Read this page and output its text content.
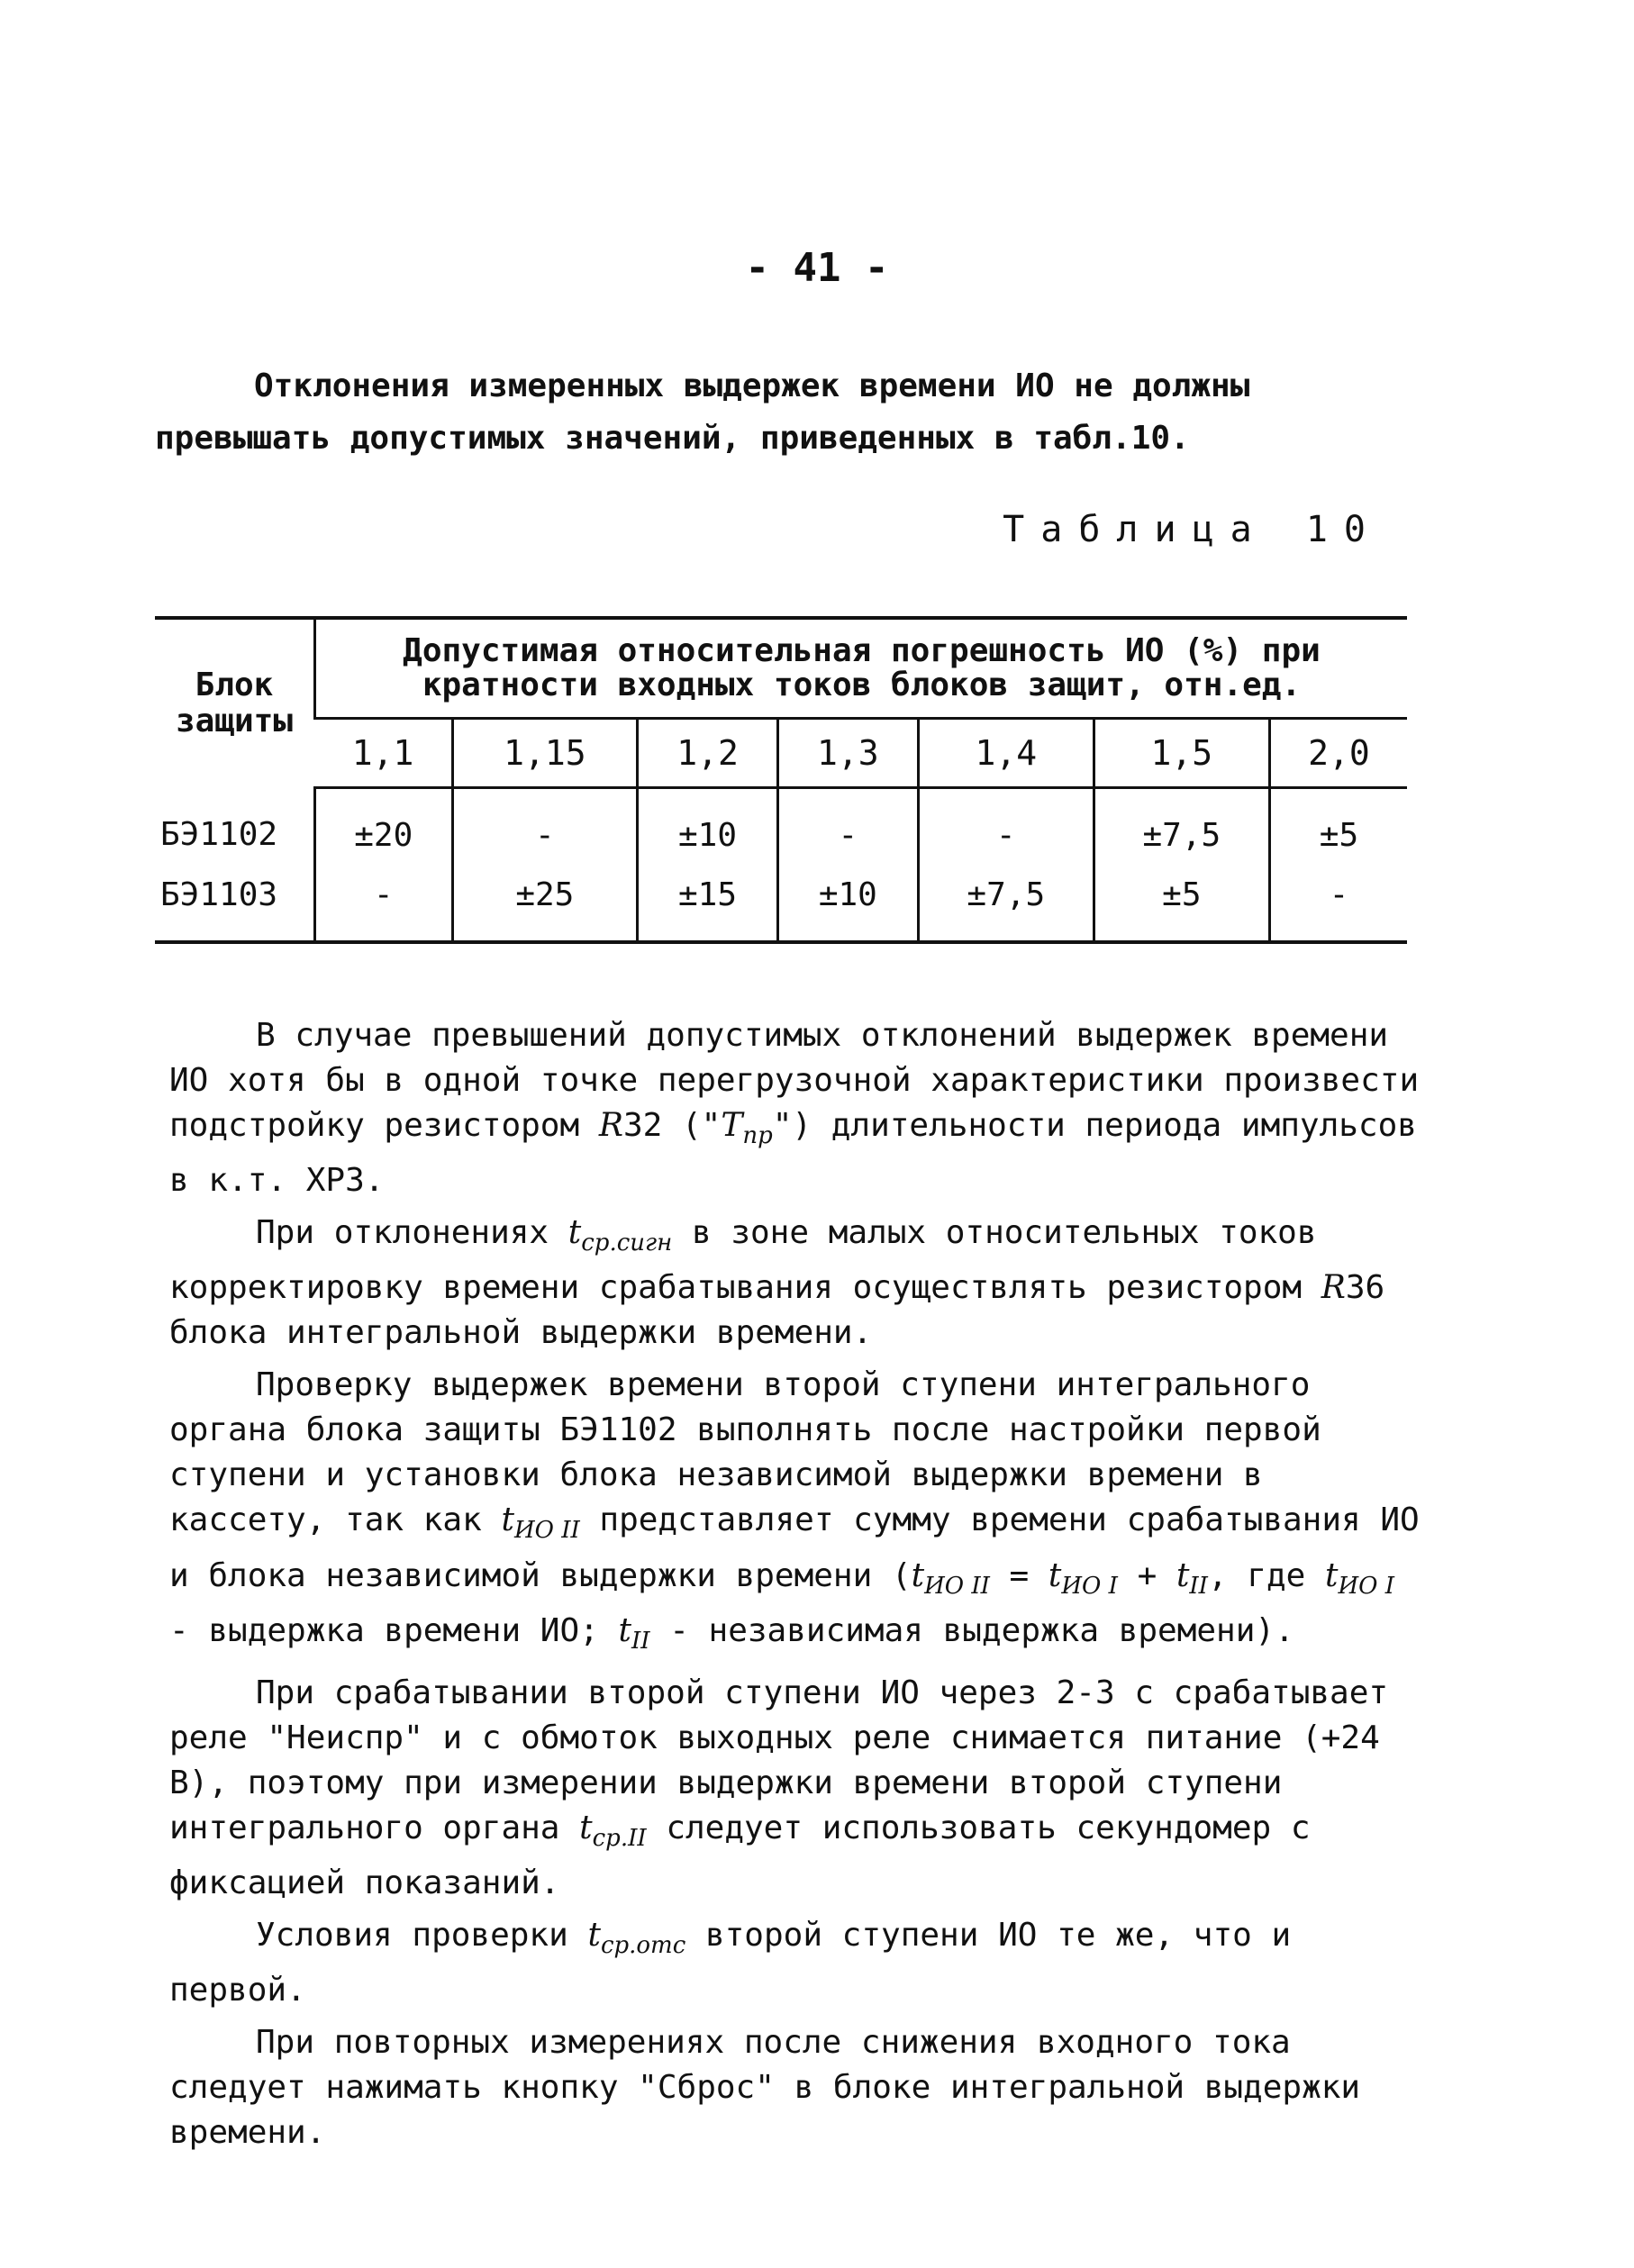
- 41 -
Отклонения измеренных выдержек времени ИО не должны превышать допустимых значений, приведенных в табл.10.
Таблица 10
Блок защиты	Допустимая относительная погрешность ИО (%) при кратности входных токов блоков защит, отн.ед.						
	1,1	1,15	1,2	1,3	1,4	1,5	2,0
БЭ1102	±20	-	±10	-	-	±7,5	±5
БЭ1103	-	±25	±15	±10	±7,5	±5	-

В случае превышений допустимых отклонений выдержек времени ИО хотя бы в одной точке перегрузочной характеристики произвести подстройку резистором R32 $("T_{пр}")$ длительности периода импульсов в к.т. ХР3.

При отклонениях $t_{ср.сигн}$ в зоне малых относительных токов корректировку времени срабатывания осуществлять резистором R36 блока интегральной выдержки времени.

Проверку выдержек времени второй ступени интегрального органа блока защиты БЭ1102 выполнять после настройки первой ступени и установки блока независимой выдержки времени в кассету, так как $t_{ИО II}$ представляет сумму времени срабатывания ИО и блока независимой выдержки времени ($t_{ИО II} = t_{ИО I} + t_{II}$, где $t_{ИО I}$ - выдержка времени ИО; $t_{II}$ - независимая выдержка времени).

При срабатывании второй ступени ИО через 2-3 с срабатывает реле "Неиспр" и с обмоток выходных реле снимается питание (+24 В), поэтому при измерении выдержки времени второй ступени интегрального органа $t_{ср.II}$ следует использовать секундомер с фиксацией показаний.

Условия проверки $t_{ср.отс}$ второй ступени ИО те же, что и первой.

При повторных измерениях после снижения входного тока следует нажимать кнопку "Сброс" в блоке интегральной выдержки времени.
